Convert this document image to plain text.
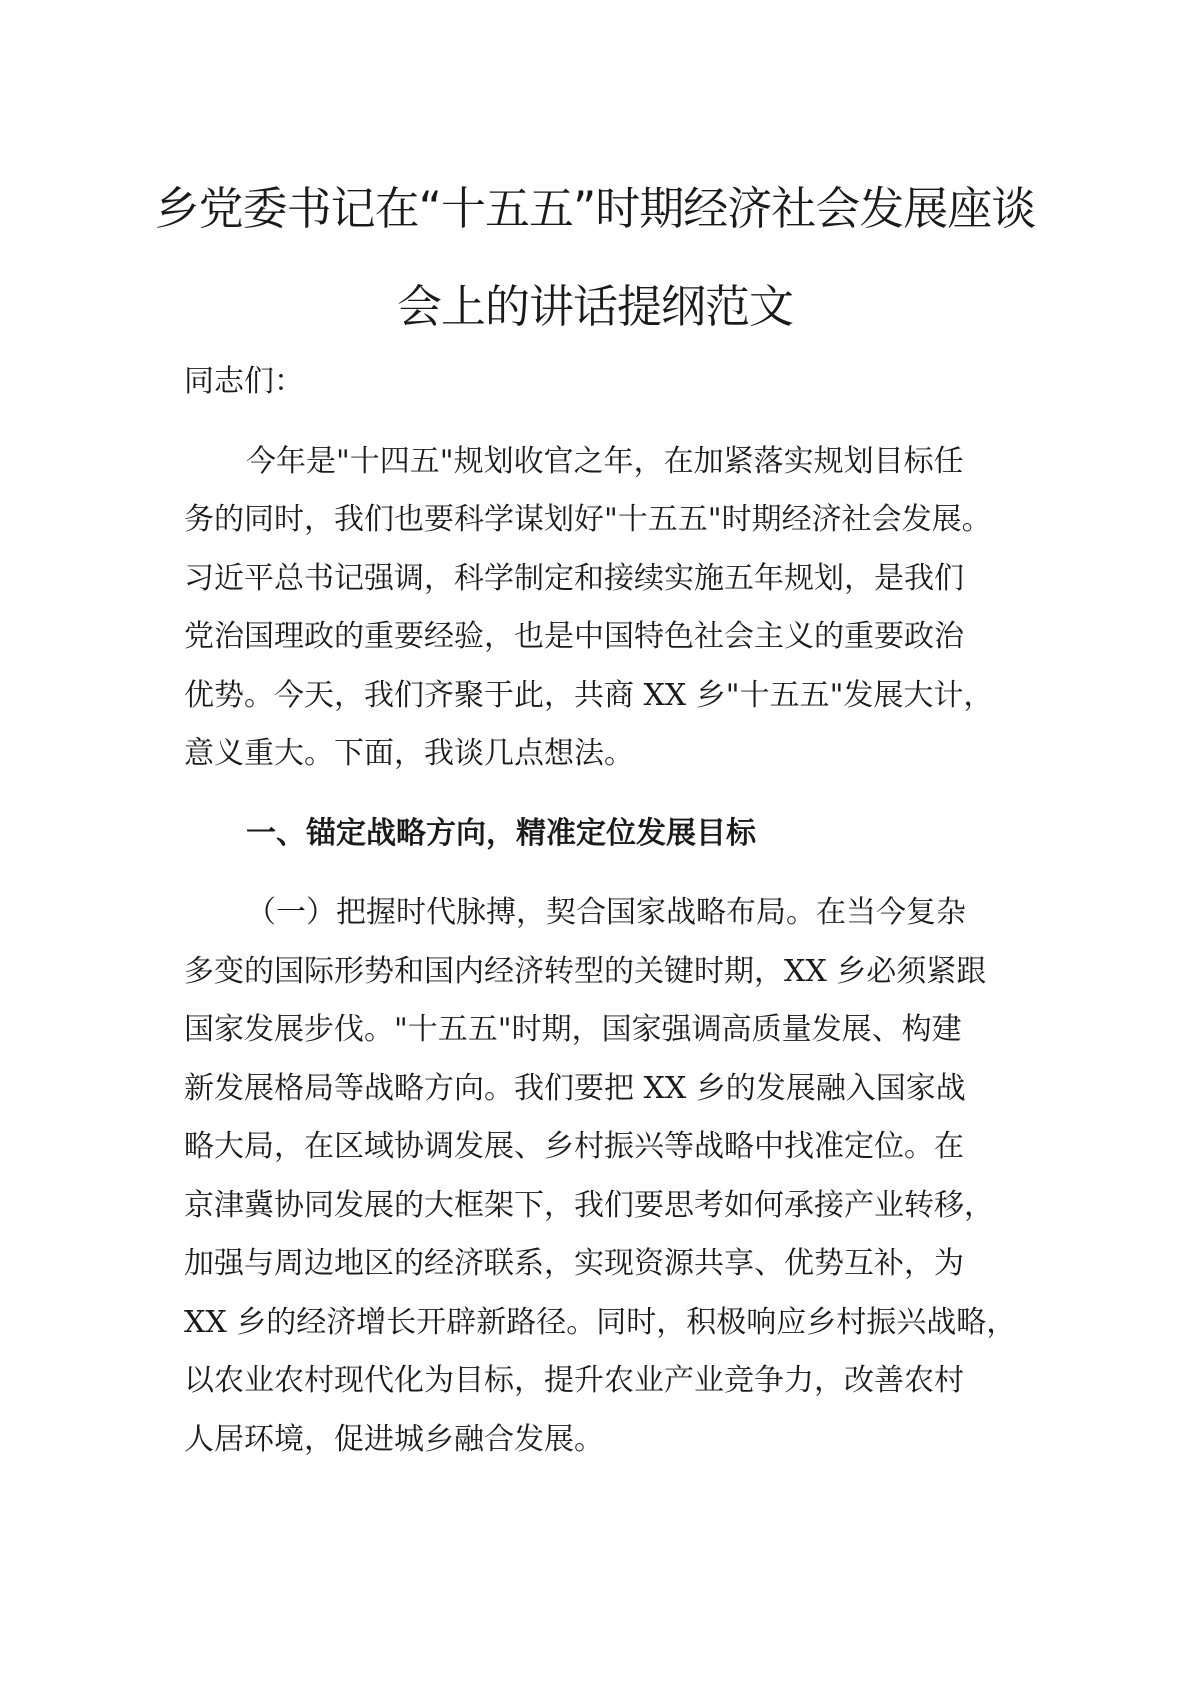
乡党委书记在“十五五”时期经济社会发展座谈
会上的讲话提纲范文
同志们：
今年是"十四五"规划收官之年，在加紧落实规划目标任
务的同时，我们也要科学谋划好"十五五"时期经济社会发展。
习近平总书记强调，科学制定和接续实施五年规划，是我们
党治国理政的重要经验，也是中国特色社会主义的重要政治
优势。今天，我们齐聚于此，共商 XX 乡"十五五"发展大计，
意义重大。下面，我谈几点想法。
一、锚定战略方向，精准定位发展目标
（一）把握时代脉搏，契合国家战略布局。在当今复杂
多变的国际形势和国内经济转型的关键时期，XX 乡必须紧跟
国家发展步伐。"十五五"时期，国家强调高质量发展、构建
新发展格局等战略方向。我们要把 XX 乡的发展融入国家战
略大局，在区域协调发展、乡村振兴等战略中找准定位。在
京津冀协同发展的大框架下，我们要思考如何承接产业转移，
加强与周边地区的经济联系，实现资源共享、优势互补，为
XX 乡的经济增长开辟新路径。同时，积极响应乡村振兴战略，
以农业农村现代化为目标，提升农业产业竞争力，改善农村
人居环境，促进城乡融合发展。
